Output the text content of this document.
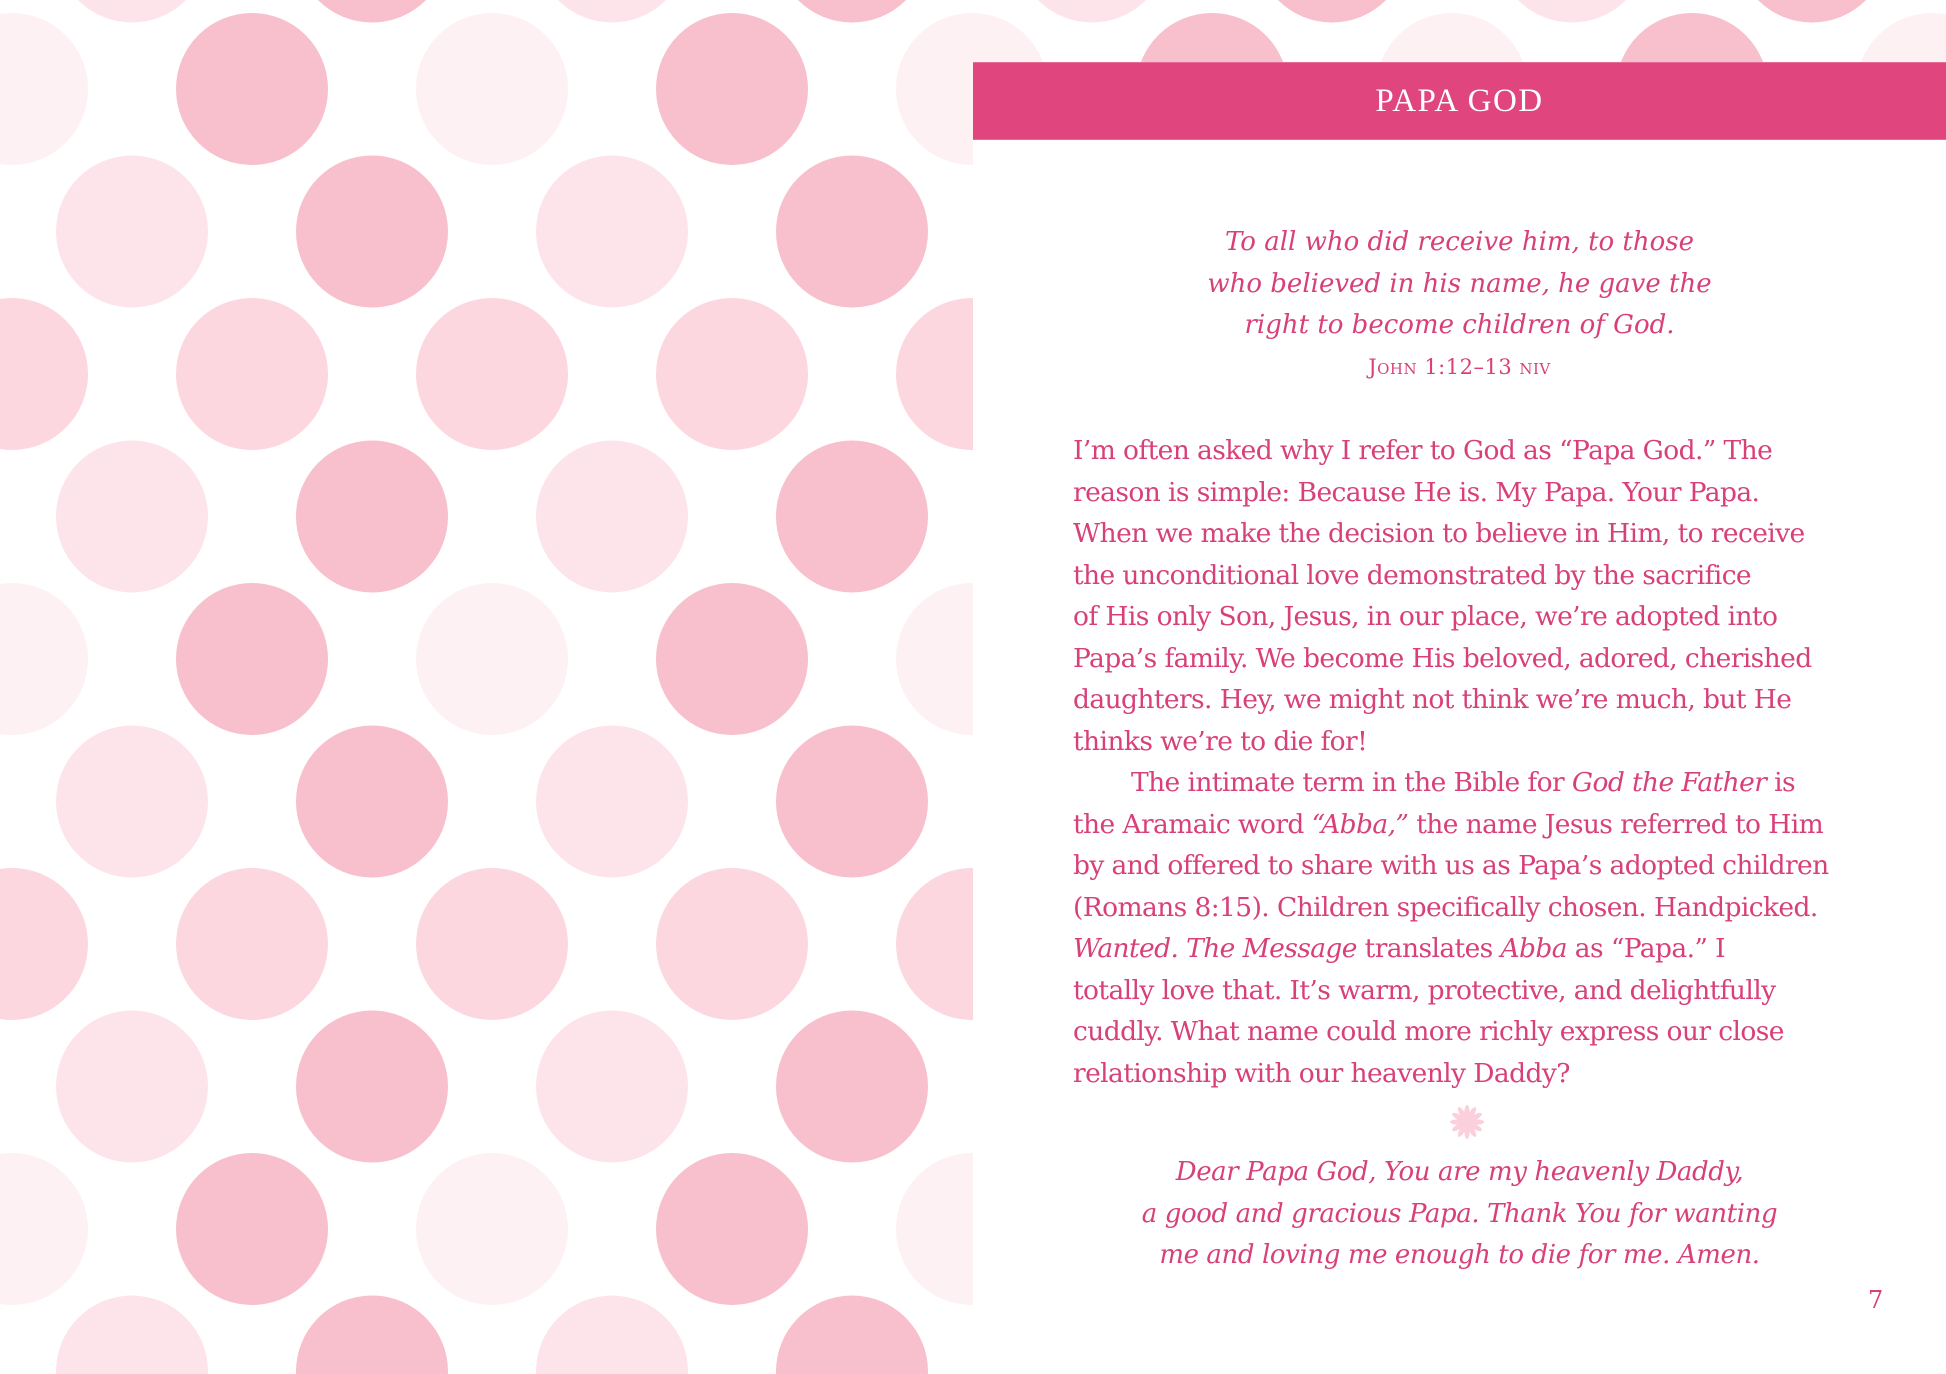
PAPA GOD
To all who did receive him, to those
who believed in his name, he gave the
right to become children of God.
John 1:12–13 niv
I’m often asked why I refer to God as “Papa God.” The
reason is simple: Because He is. My Papa. Your Papa.
When we make the decision to believe in Him, to receive
the unconditional love demonstrated by the sacrifice
of His only Son, Jesus, in our place, we’re adopted into
Papa’s family. We become His beloved, adored, cherished
daughters. Hey, we might not think we’re much, but He
thinks we’re to die for!
The intimate term in the Bible for God the Father is
the Aramaic word “Abba,” the name Jesus referred to Him
by and offered to share with us as Papa’s adopted children
(Romans 8:15). Children specifically chosen. Handpicked.
Wanted. The Message translates Abba as “Papa.” I
totally love that. It’s warm, protective, and delightfully
cuddly. What name could more richly express our close
relationship with our heavenly Daddy?
Dear Papa God, You are my heavenly Daddy,
a good and gracious Papa. Thank You for wanting
me and loving me enough to die for me. Amen.
7
